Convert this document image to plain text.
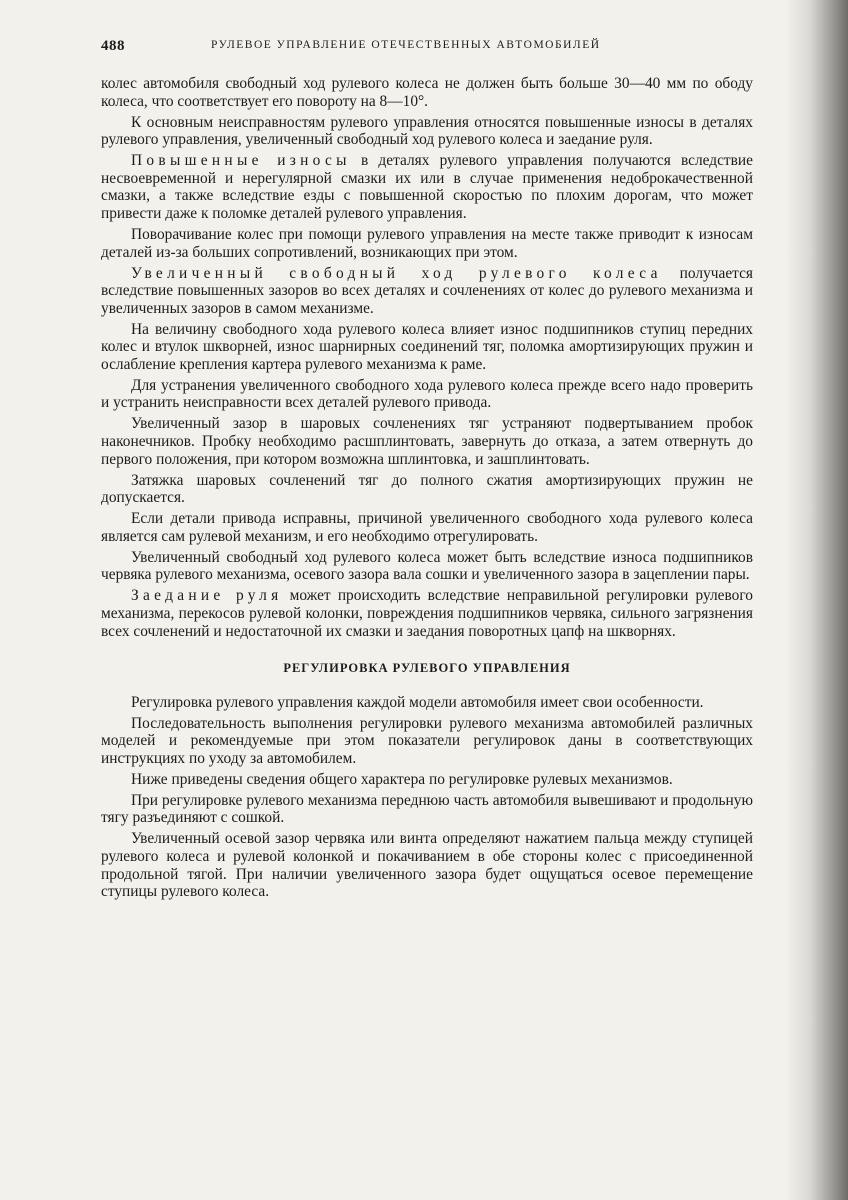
488	РУЛЕВОЕ УПРАВЛЕНИЕ ОТЕЧЕСТВЕННЫХ АВТОМОБИЛЕЙ

колес автомобиля свободный ход рулевого колеса не должен быть больше 30—40 мм по ободу колеса, что соответствует его повороту на 8—10°.

К основным неисправностям рулевого управления относятся повышенные износы в деталях рулевого управления, увеличенный свободный ход рулевого колеса и заедание руля.

Повышенные износы в деталях рулевого управления получаются вследствие несвоевременной и нерегулярной смазки их или в случае применения недоброкачественной смазки, а также вследствие езды с повышенной скоростью по плохим дорогам, что может привести даже к поломке деталей рулевого управления.

Поворачивание колес при помощи рулевого управления на месте также приводит к износам деталей из-за больших сопротивлений, возникающих при этом.

Увеличенный свободный ход рулевого колеса получается вследствие повышенных зазоров во всех деталях и сочленениях от колес до рулевого механизма и увеличенных зазоров в самом механизме.

На величину свободного хода рулевого колеса влияет износ подшипников ступиц передних колес и втулок шкворней, износ шарнирных соединений тяг, поломка амортизирующих пружин и ослабление крепления картера рулевого механизма к раме.

Для устранения увеличенного свободного хода рулевого колеса прежде всего надо проверить и устранить неисправности всех деталей рулевого привода.

Увеличенный зазор в шаровых сочленениях тяг устраняют подвертыванием пробок наконечников. Пробку необходимо расшплинтовать, завернуть до отказа, а затем отвернуть до первого положения, при котором возможна шплинтовка, и зашплинтовать.

Затяжка шаровых сочленений тяг до полного сжатия амортизирующих пружин не допускается.

Если детали привода исправны, причиной увеличенного свободного хода рулевого колеса является сам рулевой механизм, и его необходимо отрегулировать.

Увеличенный свободный ход рулевого колеса может быть вследствие износа подшипников червяка рулевого механизма, осевого зазора вала сошки и увеличенного зазора в зацеплении пары.

Заедание руля может происходить вследствие неправильной регулировки рулевого механизма, перекосов рулевой колонки, повреждения подшипников червяка, сильного загрязнения всех сочленений и недостаточной их смазки и заедания поворотных цапф на шкворнях.

РЕГУЛИРОВКА РУЛЕВОГО УПРАВЛЕНИЯ

Регулировка рулевого управления каждой модели автомобиля имеет свои особенности.

Последовательность выполнения регулировки рулевого механизма автомобилей различных моделей и рекомендуемые при этом показатели регулировок даны в соответствующих инструкциях по уходу за автомобилем.

Ниже приведены сведения общего характера по регулировке рулевых механизмов.

При регулировке рулевого механизма переднюю часть автомобиля вывешивают и продольную тягу разъединяют с сошкой.

Увеличенный осевой зазор червяка или винта определяют нажатием пальца между ступицей рулевого колеса и рулевой колонкой и покачиванием в обе стороны колес с присоединенной продольной тягой. При наличии увеличенного зазора будет ощущаться осевое перемещение ступицы рулевого колеса.
